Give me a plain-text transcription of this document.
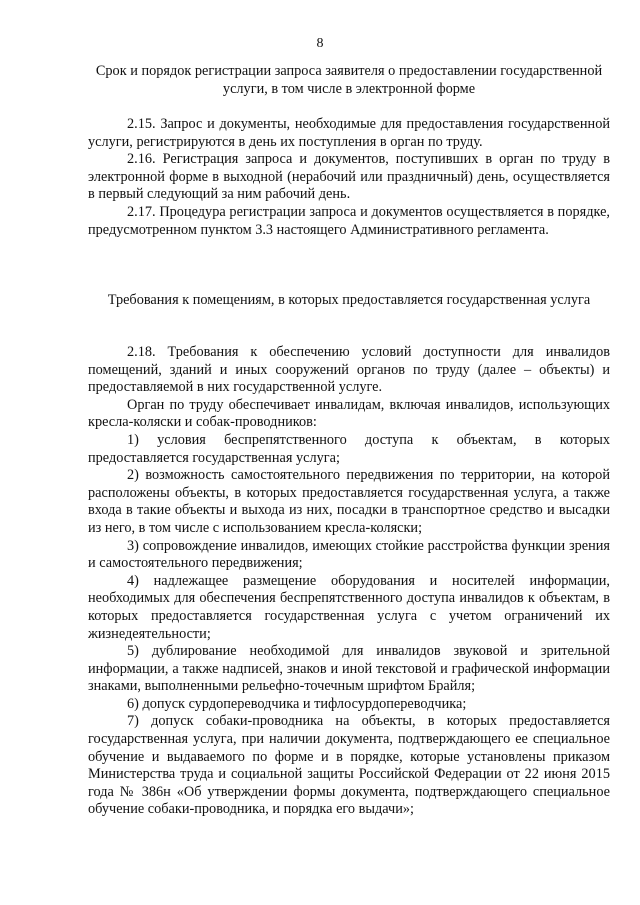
8
Срок и порядок регистрации запроса заявителя о предоставлении государственной услуги, в том числе в электронной форме

2.15. Запрос и документы, необходимые для предоставления государственной услуги, регистрируются в день их поступления в орган по труду.

2.16. Регистрация запроса и документов, поступивших в орган по труду в электронной форме в выходной (нерабочий или праздничный) день, осуществляется в первый следующий за ним рабочий день.

2.17. Процедура регистрации запроса и документов осуществляется в порядке, предусмотренном пунктом 3.3 настоящего Административного регламента.

Требования к помещениям, в которых предоставляется государственная услуга

2.18. Требования к обеспечению условий доступности для инвалидов помещений, зданий и иных сооружений органов по труду (далее – объекты) и предоставляемой в них государственной услуге.

Орган по труду обеспечивает инвалидам, включая инвалидов, использующих кресла-коляски и собак-проводников:

1) условия беспрепятственного доступа к объектам, в которых предоставляется государственная услуга;

2) возможность самостоятельного передвижения по территории, на которой расположены объекты, в которых предоставляется государственная услуга, а также входа в такие объекты и выхода из них, посадки в транспортное средство и высадки из него, в том числе с использованием кресла-коляски;

3) сопровождение инвалидов, имеющих стойкие расстройства функции зрения и самостоятельного передвижения;

4) надлежащее размещение оборудования и носителей информации, необходимых для обеспечения беспрепятственного доступа инвалидов к объектам, в которых предоставляется государственная услуга с учетом ограничений их жизнедеятельности;

5) дублирование необходимой для инвалидов звуковой и зрительной информации, а также надписей, знаков и иной текстовой и графической информации знаками, выполненными рельефно-точечным шрифтом Брайля;

6) допуск сурдопереводчика и тифлосурдопереводчика;

7) допуск собаки-проводника на объекты, в которых предоставляется государственная услуга, при наличии документа, подтверждающего ее специальное обучение и выдаваемого по форме и в порядке, которые установлены приказом Министерства труда и социальной защиты Российской Федерации от 22 июня 2015 года № 386н «Об утверждении формы документа, подтверждающего специальное обучение собаки-проводника, и порядка его выдачи»;
